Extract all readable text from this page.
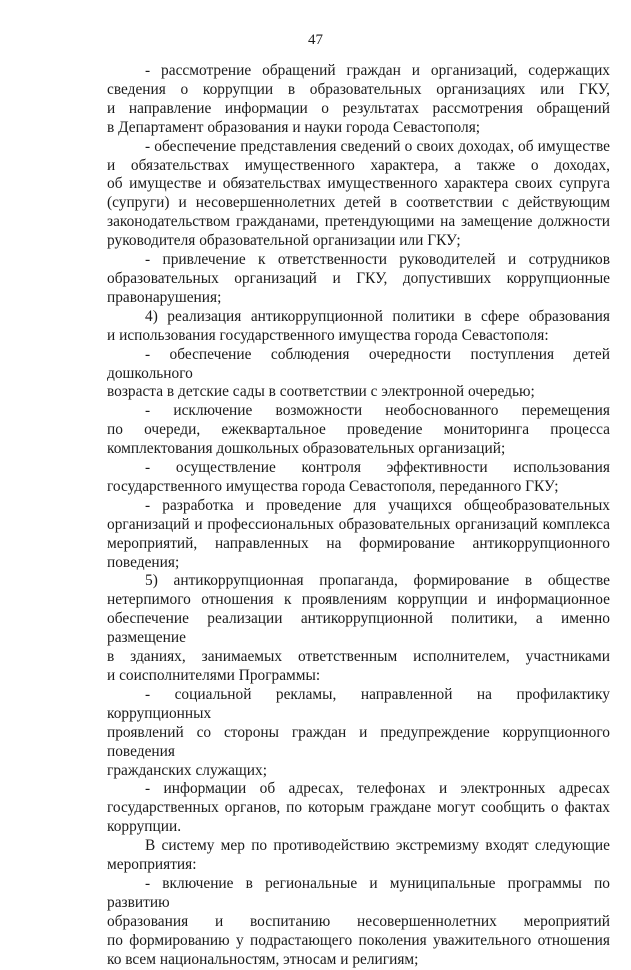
47
- рассмотрение обращений граждан и организаций, содержащих
сведения о коррупции в образовательных организациях или ГКУ,
и направление информации о результатах рассмотрения обращений
в Департамент образования и науки города Севастополя;
- обеспечение представления сведений о своих доходах, об имуществе
и обязательствах имущественного характера, а также о доходах,
об имуществе и обязательствах имущественного характера своих супруга
(супруги) и несовершеннолетних детей в соответствии с действующим
законодательством гражданами, претендующими на замещение должности
руководителя образовательной организации или ГКУ;
- привлечение к ответственности руководителей и сотрудников
образовательных организаций и ГКУ, допустивших коррупционные
правонарушения;
4) реализация антикоррупционной политики в сфере образования
и использования государственного имущества города Севастополя:
- обеспечение соблюдения очередности поступления детей дошкольного
возраста в детские сады в соответствии с электронной очередью;
- исключение возможности необоснованного перемещения
по очереди, ежеквартальное проведение мониторинга процесса
комплектования дошкольных образовательных организаций;
- осуществление контроля эффективности использования
государственного имущества города Севастополя, переданного ГКУ;
- разработка и проведение для учащихся общеобразовательных
организаций и профессиональных образовательных организаций комплекса
мероприятий, направленных на формирование антикоррупционного
поведения;
5) антикоррупционная пропаганда, формирование в обществе
нетерпимого отношения к проявлениям коррупции и информационное
обеспечение реализации антикоррупционной политики, а именно размещение
в зданиях, занимаемых ответственным исполнителем, участниками
и соисполнителями Программы:
- социальной рекламы, направленной на профилактику коррупционных
проявлений со стороны граждан и предупреждение коррупционного поведения
гражданских служащих;
- информации об адресах, телефонах и электронных адресах
государственных органов, по которым граждане могут сообщить о фактах
коррупции.
В систему мер по противодействию экстремизму входят следующие
мероприятия:
- включение в региональные и муниципальные программы по развитию
образования и воспитанию несовершеннолетних мероприятий
по формированию у подрастающего поколения уважительного отношения
ко всем национальностям, этносам и религиям;
